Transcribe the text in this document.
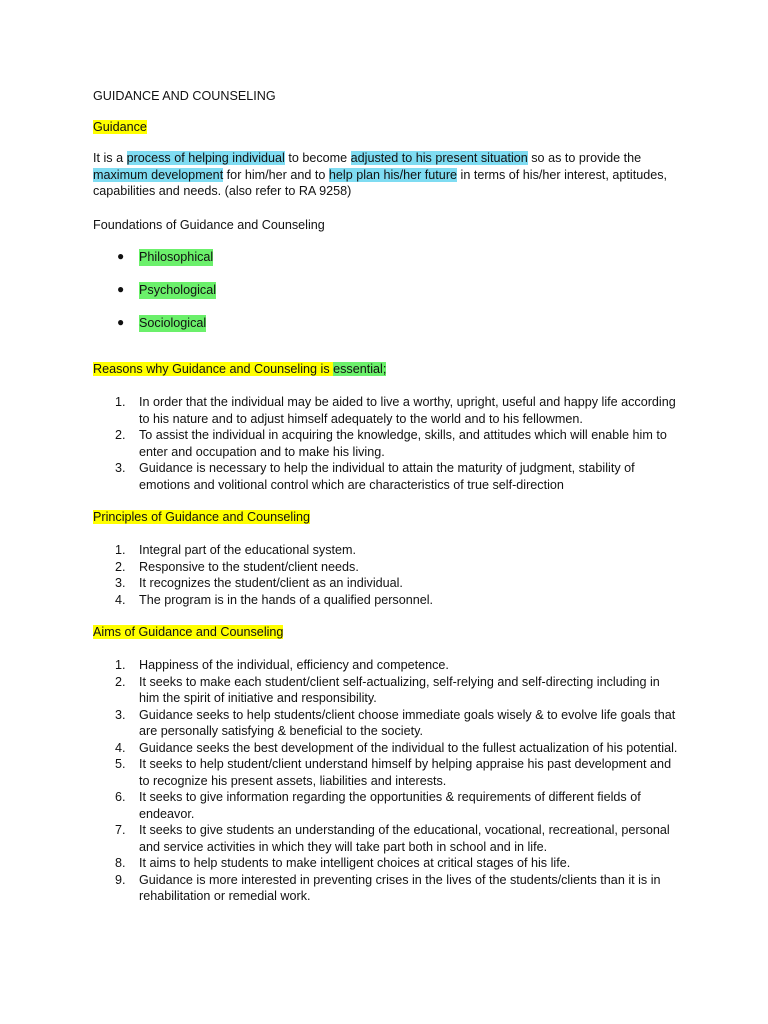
GUIDANCE AND COUNSELING
Guidance
It is a process of helping individual to become adjusted to his present situation so as to provide the maximum development for him/her and to help plan his/her future in terms of his/her interest, aptitudes, capabilities and needs. (also refer to RA 9258)
Foundations of Guidance and Counseling
● Philosophical
● Psychological
● Sociological
Reasons why Guidance and Counseling is essential;
1. In order that the individual may be aided to live a worthy, upright, useful and happy life according to his nature and to adjust himself adequately to the world and to his fellowmen.
2. To assist the individual in acquiring the knowledge, skills, and attitudes which will enable him to enter and occupation and to make his living.
3. Guidance is necessary to help the individual to attain the maturity of judgment, stability of emotions and volitional control which are characteristics of true self-direction
Principles of Guidance and Counseling
1. Integral part of the educational system.
2. Responsive to the student/client needs.
3. It recognizes the student/client as an individual.
4. The program is in the hands of a qualified personnel.
Aims of Guidance and Counseling
1. Happiness of the individual, efficiency and competence.
2. It seeks to make each student/client self-actualizing, self-relying and self-directing including in him the spirit of initiative and responsibility.
3. Guidance seeks to help students/client choose immediate goals wisely & to evolve life goals that are personally satisfying & beneficial to the society.
4. Guidance seeks the best development of the individual to the fullest actualization of his potential.
5. It seeks to help student/client understand himself by helping appraise his past development and to recognize his present assets, liabilities and interests.
6. It seeks to give information regarding the opportunities & requirements of different fields of endeavor.
7. It seeks to give students an understanding of the educational, vocational, recreational, personal and service activities in which they will take part both in school and in life.
8. It aims to help students to make intelligent choices at critical stages of his life.
9. Guidance is more interested in preventing crises in the lives of the students/clients than it is in rehabilitation or remedial work.
